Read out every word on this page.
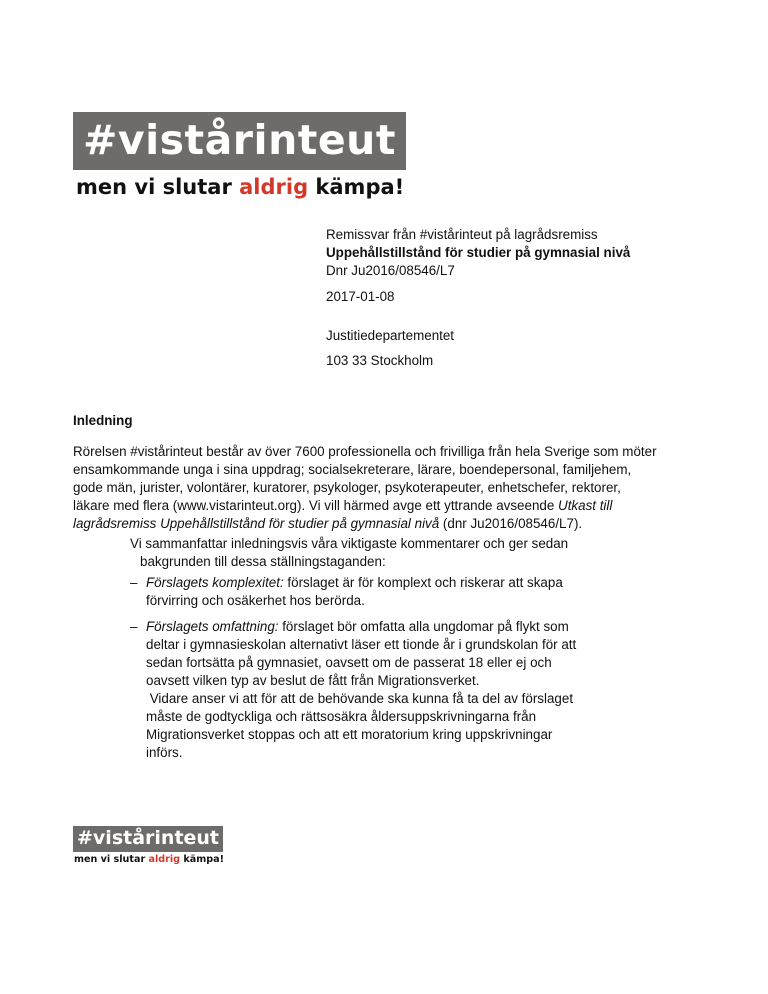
#vistårinteut
men vi slutar aldrig kämpa!
Remissvar från #vistårinteut på lagrådsremiss
Uppehållstillstånd för studier på gymnasial nivå
Dnr Ju2016/08546/L7
2017-01-08
Justitiedepartementet
103 33 Stockholm
Inledning
Rörelsen #vistårinteut består av över 7600 professionella och frivilliga från hela Sverige som möter
ensamkommande unga i sina uppdrag; socialsekreterare, lärare, boendepersonal, familjehem,
gode män, jurister, volontärer, kuratorer, psykologer, psykoterapeuter, enhetschefer, rektorer,
läkare med flera (www.vistarinteut.org). Vi vill härmed avge ett yttrande avseende Utkast till
lagrådsremiss Uppehållstillstånd för studier på gymnasial nivå (dnr Ju2016/08546/L7).
Vi sammanfattar inledningsvis våra viktigaste kommentarer och ger sedan
bakgrunden till dessa ställningstaganden:
– Förslagets komplexitet: förslaget är för komplext och riskerar att skapa
förvirring och osäkerhet hos berörda.
– Förslagets omfattning: förslaget bör omfatta alla ungdomar på flykt som
deltar i gymnasieskolan alternativt läser ett tionde år i grundskolan för att
sedan fortsätta på gymnasiet, oavsett om de passerat 18 eller ej och
oavsett vilken typ av beslut de fått från Migrationsverket.
Vidare anser vi att för att de behövande ska kunna få ta del av förslaget
måste de godtyckliga och rättsosäkra åldersuppskrivningarna från
Migrationsverket stoppas och att ett moratorium kring uppskrivningar
införs.
#vistårinteut
men vi slutar aldrig kämpa!
